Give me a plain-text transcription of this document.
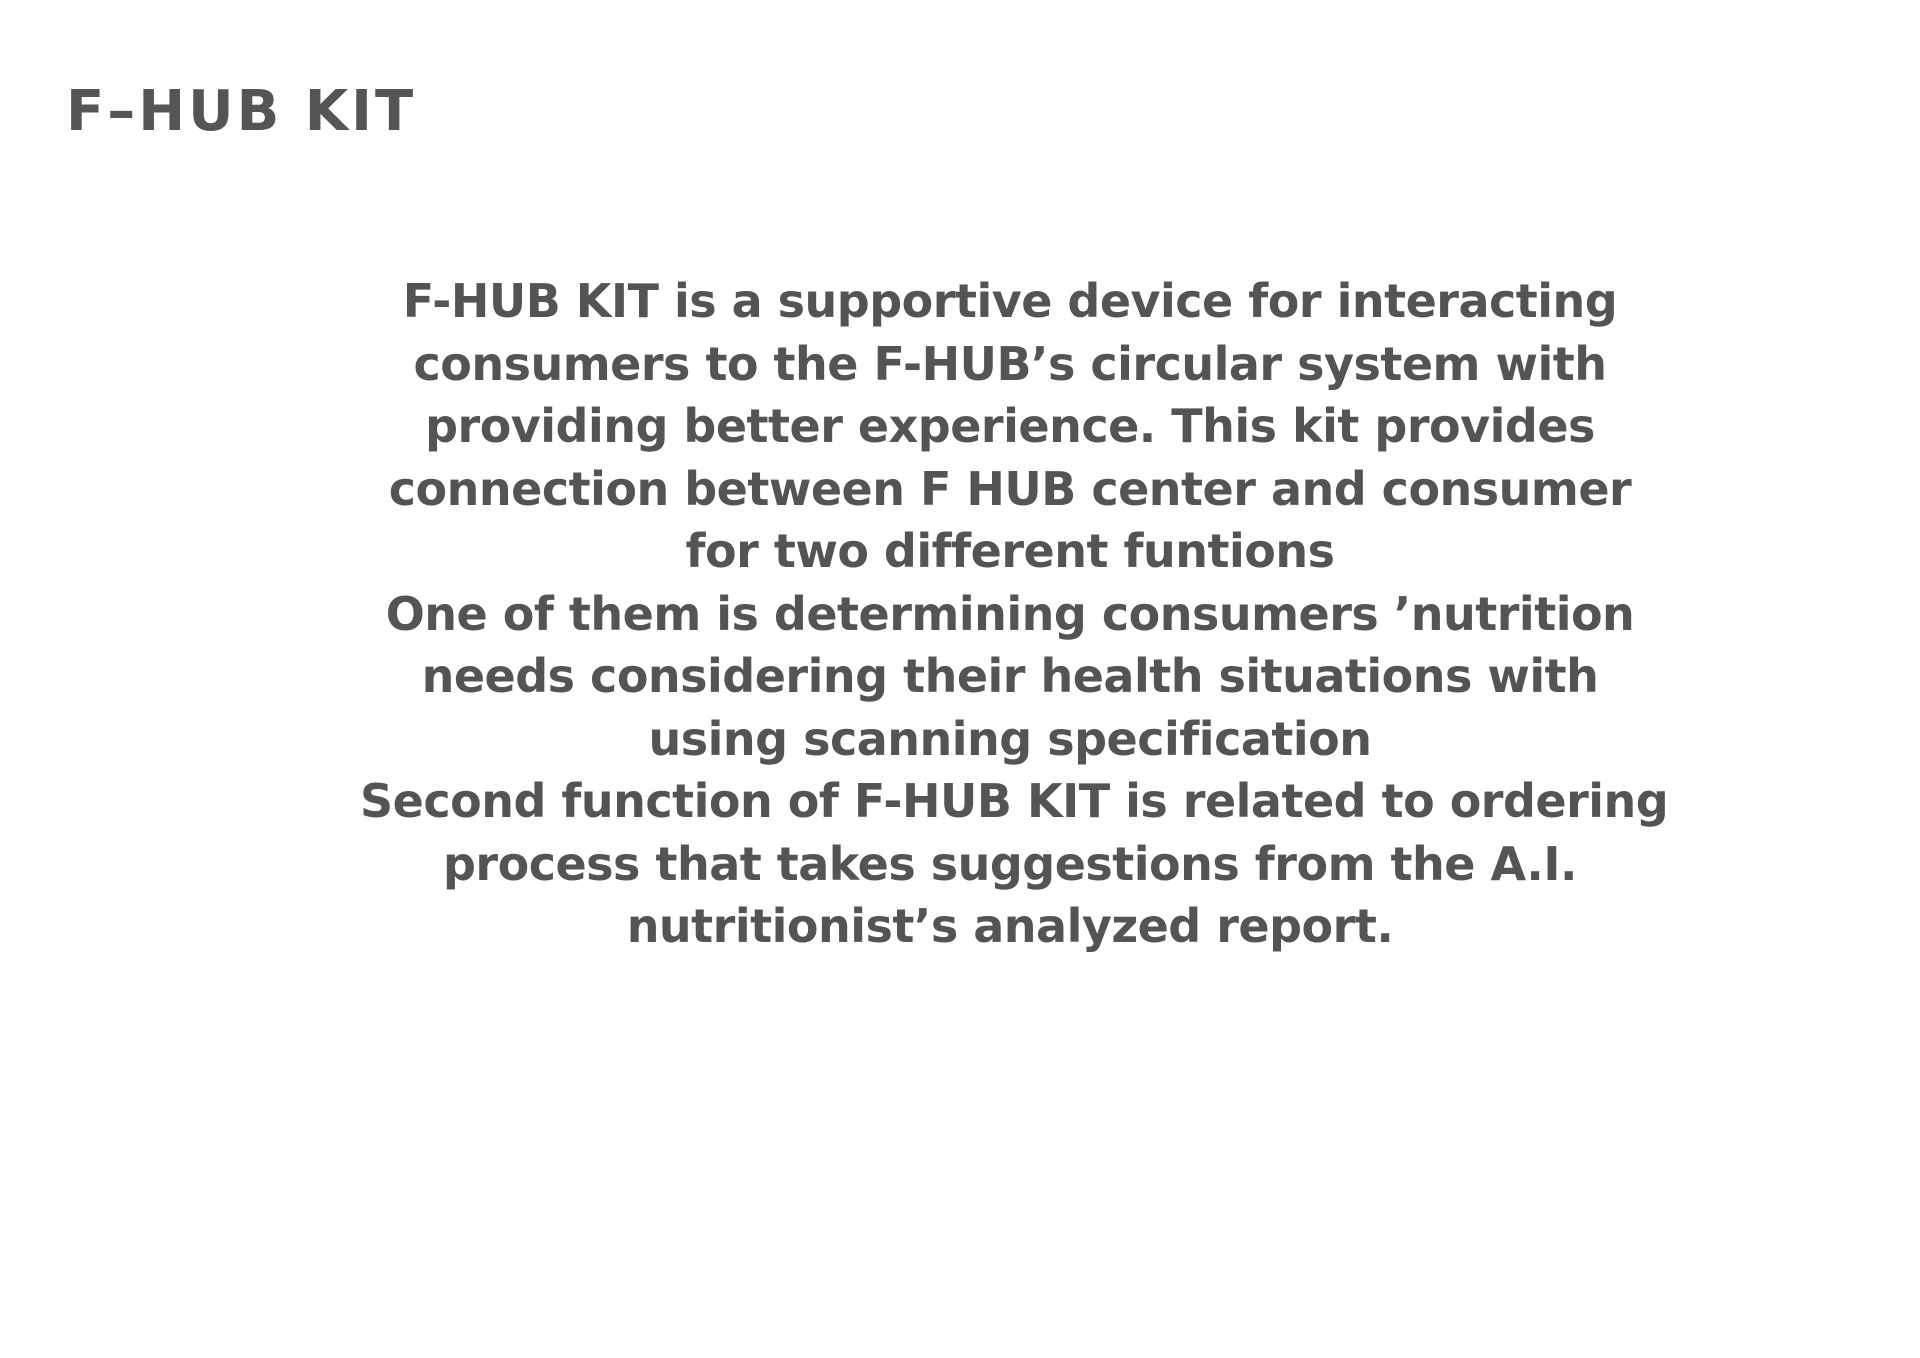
F–HUB KIT
F-HUB KIT is a supportive device for interacting
consumers to the F-HUB’s circular system with
providing better experience. This kit provides
connection between F HUB center and consumer
for two different funtions
One of them is determining consumers ’nutrition
needs considering their health situations with
using scanning specification
Second function of F-HUB KIT is related to ordering
process that takes suggestions from the A.I.
nutritionist’s analyzed report.
